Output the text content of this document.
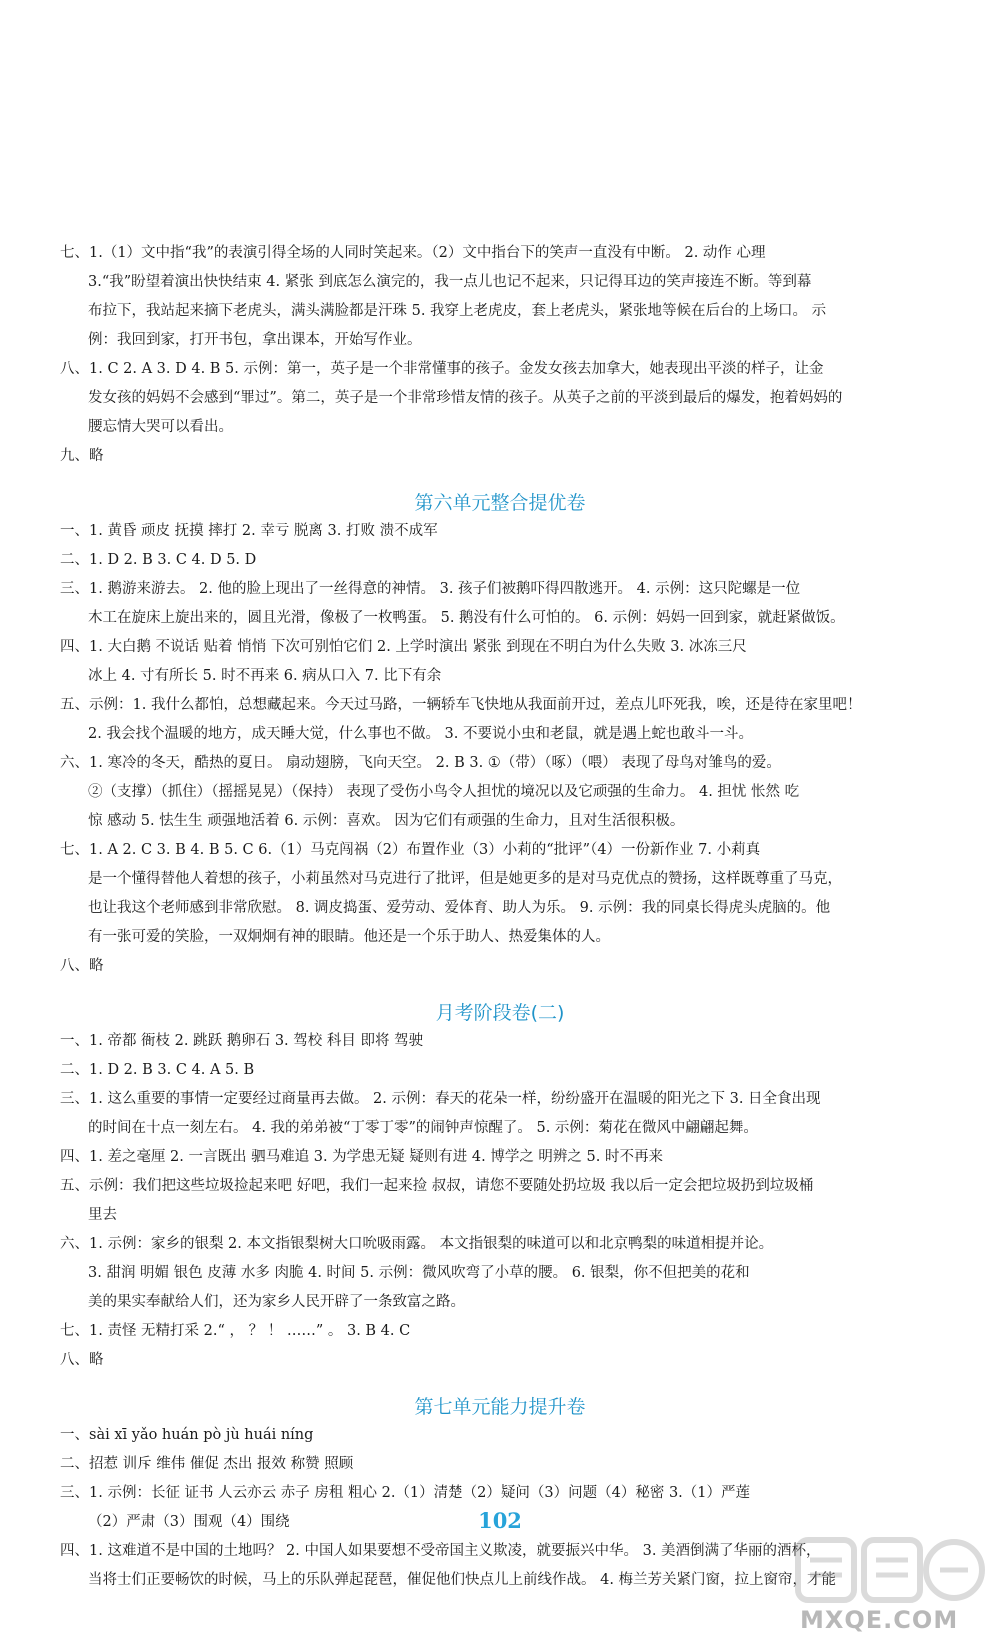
七、1.（1）文中指“我”的表演引得全场的人同时笑起来。（2）文中指台下的笑声一直没有中断。 2. 动作 心理
3.“我”盼望着演出快快结束 4. 紧张 到底怎么演完的，我一点儿也记不起来，只记得耳边的笑声接连不断。等到幕
布拉下，我站起来摘下老虎头，满头满脸都是汗珠 5. 我穿上老虎皮，套上老虎头，紧张地等候在后台的上场口。 示
例：我回到家，打开书包，拿出课本，开始写作业。
八、1. C 2. A 3. D 4. B 5. 示例：第一，英子是一个非常懂事的孩子。金发女孩去加拿大，她表现出平淡的样子，让金
发女孩的妈妈不会感到“罪过”。第二，英子是一个非常珍惜友情的孩子。从英子之前的平淡到最后的爆发，抱着妈妈的
腰忘情大哭可以看出。
九、略
第六单元整合提优卷
一、1. 黄昏 顽皮 抚摸 摔打 2. 幸亏 脱离 3. 打败 溃不成军
二、1. D 2. B 3. C 4. D 5. D
三、1. 鹅游来游去。 2. 他的脸上现出了一丝得意的神情。 3. 孩子们被鹅吓得四散逃开。 4. 示例：这只陀螺是一位
木工在旋床上旋出来的，圆且光滑，像极了一枚鸭蛋。 5. 鹅没有什么可怕的。 6. 示例：妈妈一回到家，就赶紧做饭。
四、1. 大白鹅 不说话 贴着 悄悄 下次可别怕它们 2. 上学时演出 紧张 到现在不明白为什么失败 3. 冰冻三尺
冰上 4. 寸有所长 5. 时不再来 6. 病从口入 7. 比下有余
五、示例：1. 我什么都怕，总想藏起来。今天过马路，一辆轿车飞快地从我面前开过，差点儿吓死我，唉，还是待在家里吧！
2. 我会找个温暖的地方，成天睡大觉，什么事也不做。 3. 不要说小虫和老鼠，就是遇上蛇也敢斗一斗。
六、1. 寒冷的冬天，酷热的夏日。 扇动翅膀，飞向天空。 2. B 3. ①（带）（啄）（喂） 表现了母鸟对雏鸟的爱。
②（支撑）（抓住）（摇摇晃晃）（保持） 表现了受伤小鸟令人担忧的境况以及它顽强的生命力。 4. 担忧 怅然 吃
惊 感动 5. 怯生生 顽强地活着 6. 示例：喜欢。 因为它们有顽强的生命力，且对生活很积极。
七、1. A 2. C 3. B 4. B 5. C 6.（1）马克闯祸（2）布置作业（3）小莉的“批评”（4）一份新作业 7. 小莉真
是一个懂得替他人着想的孩子，小莉虽然对马克进行了批评，但是她更多的是对马克优点的赞扬，这样既尊重了马克，
也让我这个老师感到非常欣慰。 8. 调皮捣蛋、爱劳动、爱体育、助人为乐。 9. 示例：我的同桌长得虎头虎脑的。他
有一张可爱的笑脸，一双炯炯有神的眼睛。他还是一个乐于助人、热爱集体的人。
八、略
月考阶段卷(二)
一、1. 帝都 衙枝 2. 跳跃 鹅卵石 3. 驾校 科目 即将 驾驶
二、1. D 2. B 3. C 4. A 5. B
三、1. 这么重要的事情一定要经过商量再去做。 2. 示例：春天的花朵一样，纷纷盛开在温暖的阳光之下 3. 日全食出现
的时间在十点一刻左右。 4. 我的弟弟被“丁零丁零”的闹钟声惊醒了。 5. 示例：菊花在微风中翩翩起舞。
四、1. 差之毫厘 2. 一言既出 驷马难追 3. 为学患无疑 疑则有进 4. 博学之 明辨之 5. 时不再来
五、示例：我们把这些垃圾捡起来吧 好吧，我们一起来捡 叔叔，请您不要随处扔垃圾 我以后一定会把垃圾扔到垃圾桶
里去
六、1. 示例：家乡的银梨 2. 本文指银梨树大口吮吸雨露。 本文指银梨的味道可以和北京鸭梨的味道相提并论。
3. 甜润 明媚 银色 皮薄 水多 肉脆 4. 时间 5. 示例：微风吹弯了小草的腰。 6. 银梨，你不但把美的花和
美的果实奉献给人们，还为家乡人民开辟了一条致富之路。
七、1. 责怪 无精打采 2.“ ， ？ ！ ……” 。 3. B 4. C
八、略
第七单元能力提升卷
一、sài xī yǎo huán pò jù huái níng
二、招惹 训斥 维伟 催促 杰出 报效 称赞 照顾
三、1. 示例：长征 证书 人云亦云 赤子 房租 粗心 2.（1）清楚（2）疑问（3）问题（4）秘密 3.（1）严莲
（2）严肃（3）围观（4）围绕
四、1. 这难道不是中国的土地吗？ 2. 中国人如果要想不受帝国主义欺凌，就要振兴中华。 3. 美酒倒满了华丽的酒杯，
当将士们正要畅饮的时候，马上的乐队弹起琵琶，催促他们快点儿上前线作战。 4. 梅兰芳关紧门窗，拉上窗帘，才能
102
MXQE.COM
